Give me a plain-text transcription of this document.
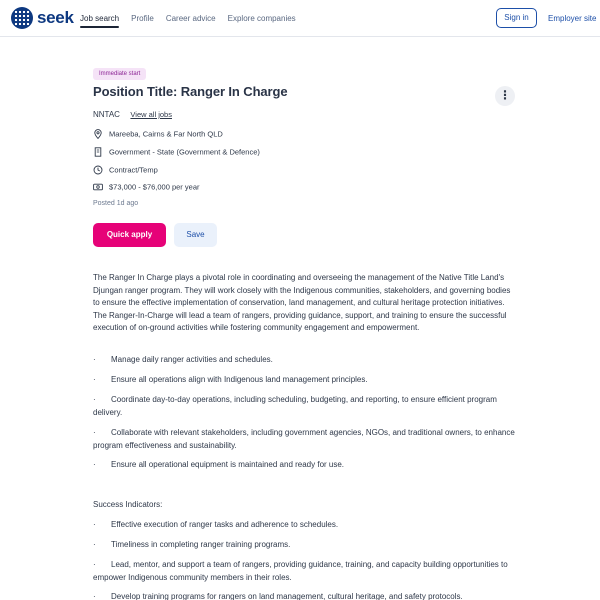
seek Job search Profile Career advice Explore companies	Sign in	Employer site
Immediate start
Position Title: Ranger In Charge
NNTAC View all jobs
⋮
Mareeba, Cairns & Far North QLD
Government - State (Government & Defence)
Contract/Temp
$73,000 - $76,000 per year
Posted 1d ago
Quick apply	Save
The Ranger In Charge plays a pivotal role in coordinating and overseeing the management of the Native Title Land's Djungan ranger program. They will work closely with the Indigenous communities, stakeholders, and governing bodies to ensure the effective implementation of conservation, land management, and cultural heritage protection initiatives. The Ranger-In-Charge will lead a team of rangers, providing guidance, support, and training to ensure the successful execution of on-ground activities while fostering community engagement and empowerment.
·	Manage daily ranger activities and schedules.
·	Ensure all operations align with Indigenous land management principles.
·	Coordinate day-to-day operations, including scheduling, budgeting, and reporting, to ensure efficient program delivery.
·	Collaborate with relevant stakeholders, including government agencies, NGOs, and traditional owners, to enhance program effectiveness and sustainability.
·	Ensure all operational equipment is maintained and ready for use.
Success Indicators:
·	Effective execution of ranger tasks and adherence to schedules.
·	Timeliness in completing ranger training programs.
·	Lead, mentor, and support a team of rangers, providing guidance, training, and capacity building opportunities to empower Indigenous community members in their roles.
·	Develop training programs for rangers on land management, cultural heritage, and safety protocols.
